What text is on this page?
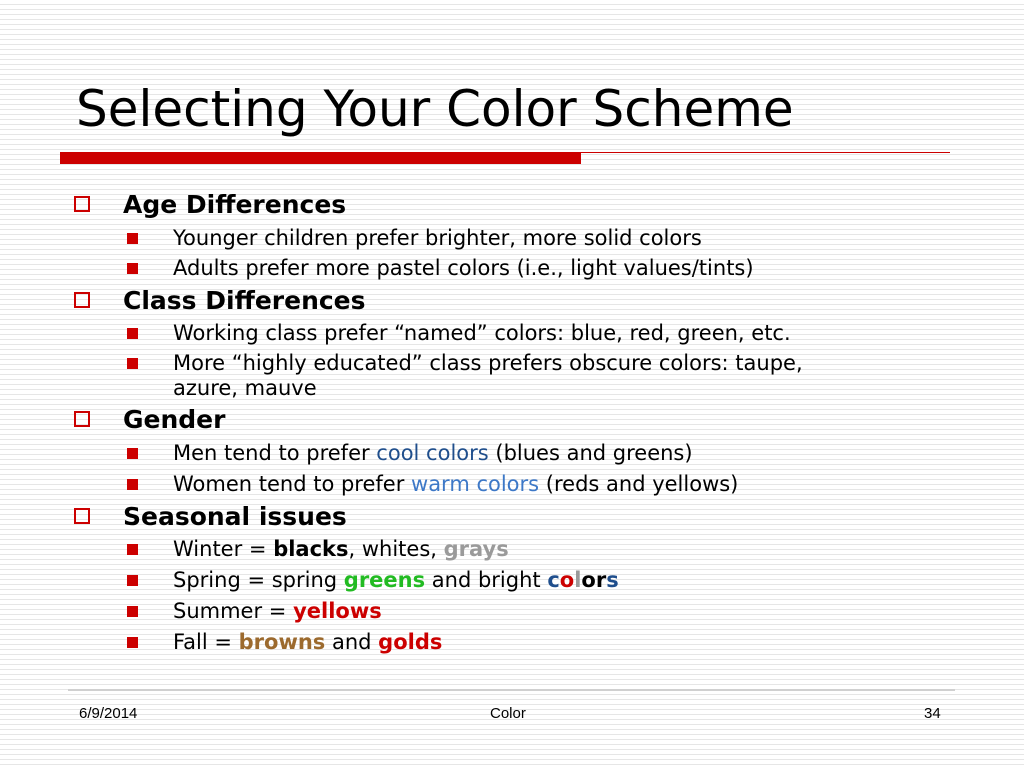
Selecting Your Color Scheme
Age Differences
Younger children prefer brighter, more solid colors
Adults prefer more pastel colors (i.e., light values/tints)
Class Differences
Working class prefer “named” colors: blue, red, green, etc.
More “highly educated” class prefers obscure colors: taupe,
azure, mauve
Gender
Men tend to prefer cool colors (blues and greens)
Women tend to prefer warm colors (reds and yellows)
Seasonal issues
Winter = blacks, whites, grays
Spring = spring greens and bright colors
Summer = yellows
Fall = browns and golds
6/9/2014	Color	34
